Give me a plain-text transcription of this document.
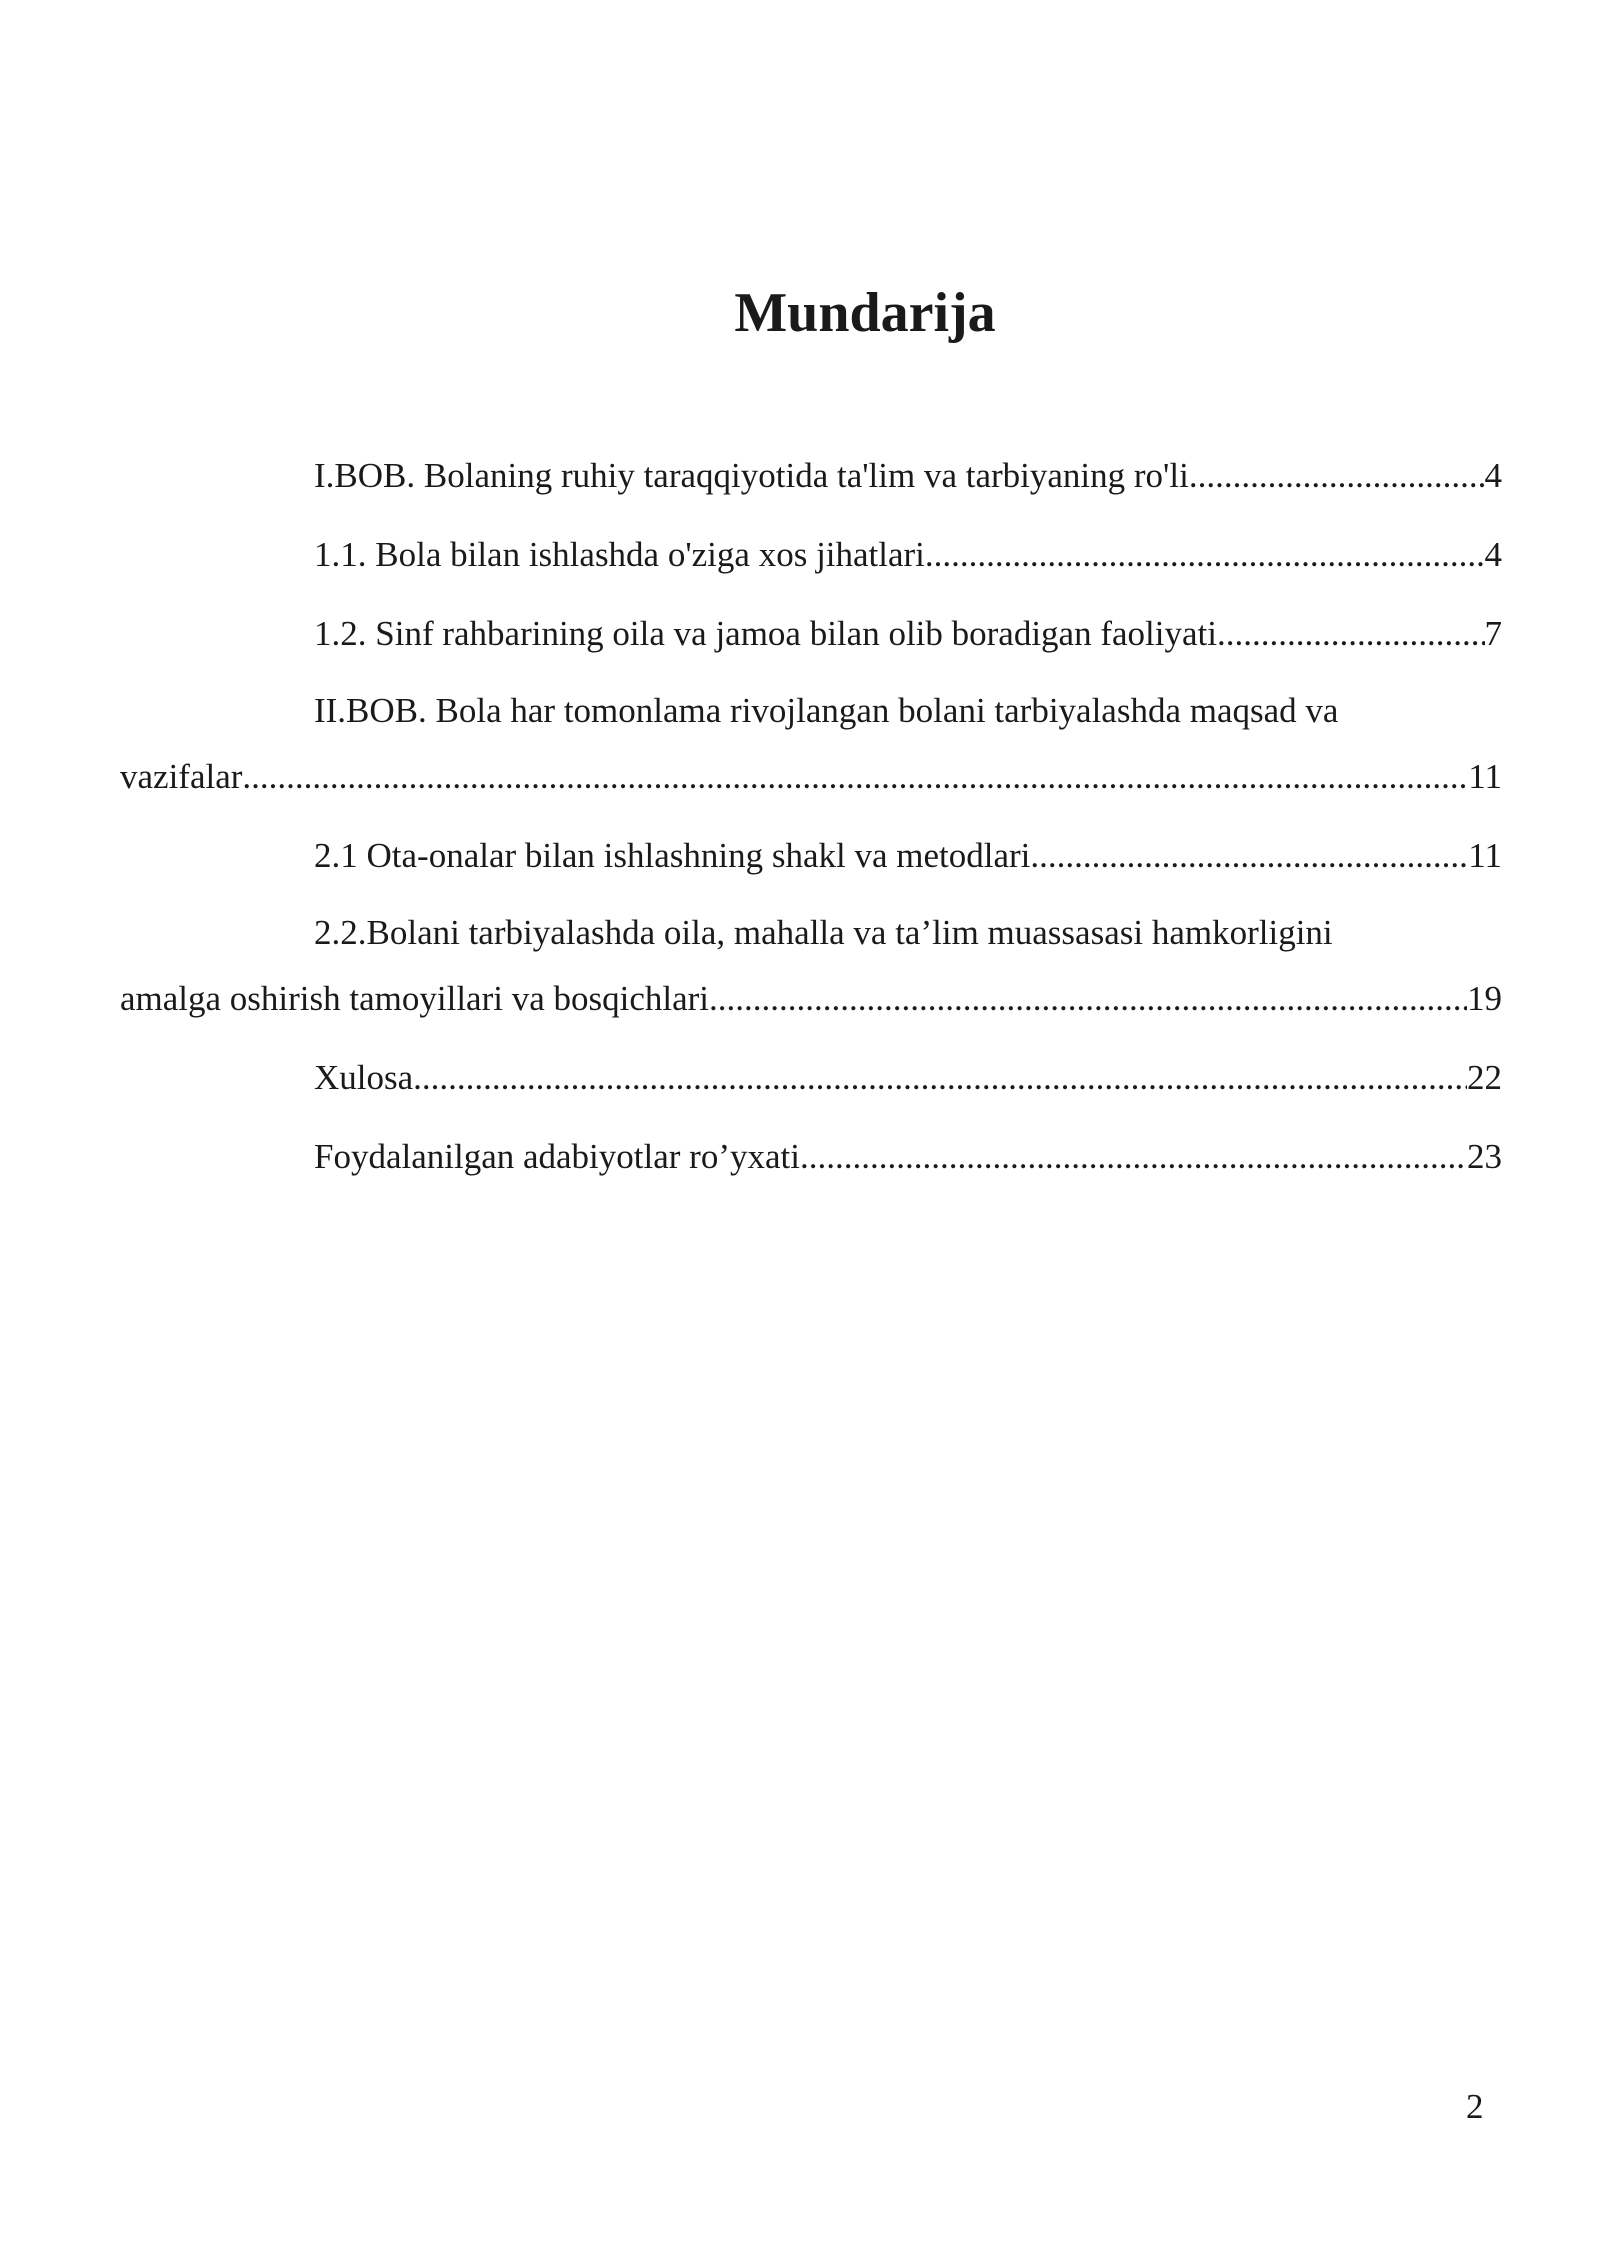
Mundarija
I.BOB. Bolaning ruhiy taraqqiyotida ta'lim va tarbiyaning ro'li .....	4
1.1. Bola bilan ishlashda o'ziga xos jihatlari .....	4
1.2. Sinf rahbarining oila va jamoa bilan olib boradigan faoliyati .....	7
II.BOB. Bola har tomonlama rivojlangan bolani tarbiyalashda maqsad va
vazifalar .....	11
2.1 Ota-onalar bilan ishlashning shakl va metodlari .....	11
2.2.Bolani tarbiyalashda oila, mahalla va ta’lim muassasasi hamkorligini
amalga oshirish tamoyillari va bosqichlari .....	19
Xulosa .....	22
Foydalanilgan adabiyotlar ro’yxati .....	23
2
